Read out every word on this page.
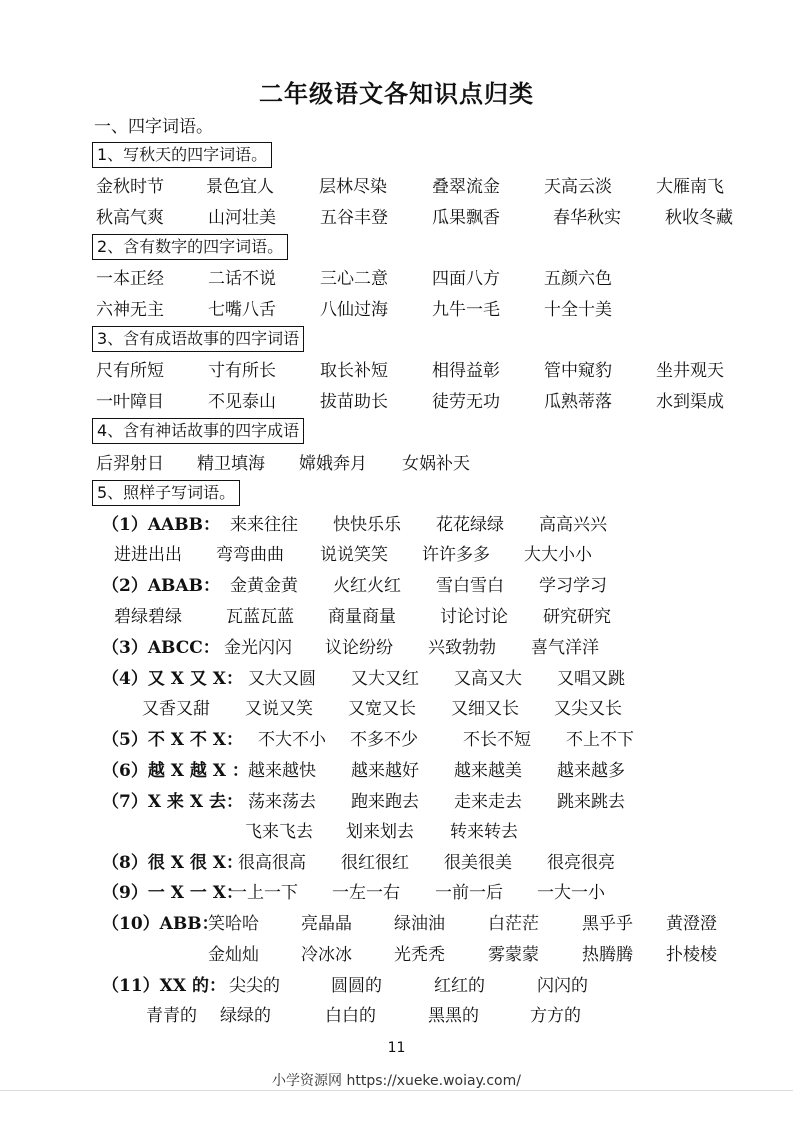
二年级语文各知识点归类
一、四字词语。
1、写秋天的四字词语。
金秋时节 景色宜人	层林尽染	叠翠流金	天高云淡	大雁南飞
秋高气爽	山河壮美	五谷丰登	瓜果飘香	春华秋实	秋收冬藏
2、含有数字的四字词语。
一本正经	二话不说	三心二意	四面八方	五颜六色
六神无主	七嘴八舌	八仙过海	九牛一毛	十全十美
3、含有成语故事的四字词语
尺有所短	寸有所长	取长补短	相得益彰	管中窥豹	坐井观天
一叶障目	不见泰山	拔苗助长	徒劳无功	瓜熟蒂落	水到渠成
4、含有神话故事的四字成语
后羿射日 精卫填海 嫦娥奔月 女娲补天
5、照样子写词语。
（1）AABB： 来来往往 快快乐乐 花花绿绿 高高兴兴
进进出出 弯弯曲曲 说说笑笑 许许多多 大大小小
（2）ABAB： 金黄金黄 火红火红 雪白雪白 学习学习
碧绿碧绿	瓦蓝瓦蓝 商量商量	讨论讨论 研究研究
（3）ABCC： 金光闪闪 议论纷纷 兴致勃勃 喜气洋洋
（4）又 X 又 X： 又大又圆 又大又红 又高又大 又唱又跳
又香又甜 又说又笑 又宽又长 又细又长 又尖又长
（5）不 X 不 X： 不大不小 不多不少	不长不短 不上不下
（6）越 X 越 X ： 越来越快 越来越好 越来越美 越来越多
（7）X 来 X 去： 荡来荡去 跑来跑去 走来走去 跳来跳去
飞来飞去 划来划去 转来转去
（8）很 X 很 X：
很高很高 很红很红 很美很美 很亮很亮
（9）一 X 一 X：
一上一下 一左一右 一前一后 一大一小
（10）ABB：
笑哈哈 亮晶晶 绿油油	白茫茫	黑乎乎 黄澄澄
金灿灿 冷冰冰 光秃秃	雾蒙蒙	热腾腾 扑棱棱
（11）XX 的： 尖尖的	圆圆的	红红的	闪闪的
青青的 绿绿的	白白的	黑黑的	方方的
11
小学资源网 https://xueke.woiay.com/
